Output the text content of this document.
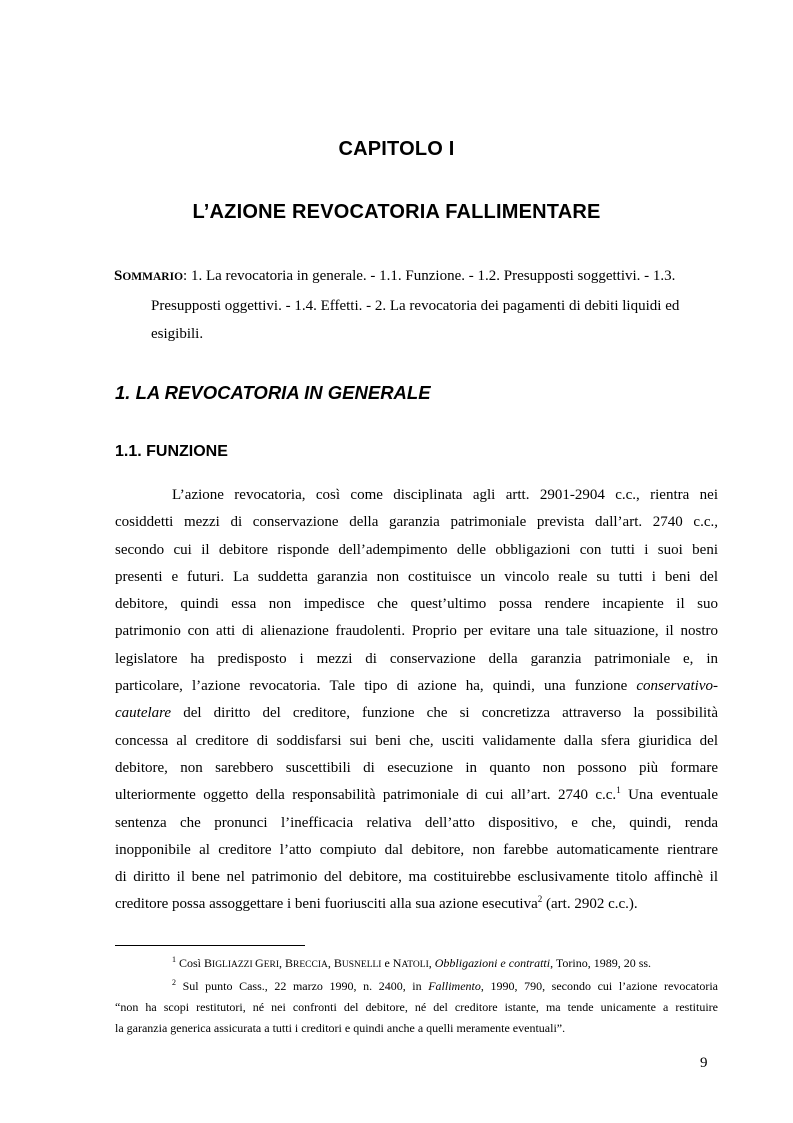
CAPITOLO I
L’AZIONE REVOCATORIA FALLIMENTARE
SOMMARIO: 1. La revocatoria in generale. - 1.1. Funzione. - 1.2. Presupposti soggettivi. - 1.3.
Presupposti oggettivi. - 1.4. Effetti. - 2. La revocatoria dei pagamenti di debiti liquidi ed
esigibili.
1. LA REVOCATORIA IN GENERALE
1.1. FUNZIONE
L’azione revocatoria, così come disciplinata agli artt. 2901-2904 c.c., rientra nei
cosiddetti mezzi di conservazione della garanzia patrimoniale prevista dall’art. 2740 c.c.,
secondo cui il debitore risponde dell’adempimento delle obbligazioni con tutti i suoi beni
presenti e futuri. La suddetta garanzia non costituisce un vincolo reale su tutti i beni del
debitore, quindi essa non impedisce che quest’ultimo possa rendere incapiente il suo
patrimonio con atti di alienazione fraudolenti. Proprio per evitare una tale situazione, il nostro
legislatore ha predisposto i mezzi di conservazione della garanzia patrimoniale e, in
particolare, l’azione revocatoria. Tale tipo di azione ha, quindi, una funzione conservativo-
cautelare del diritto del creditore, funzione che si concretizza attraverso la possibilità
concessa al creditore di soddisfarsi sui beni che, usciti validamente dalla sfera giuridica del
debitore, non sarebbero suscettibili di esecuzione in quanto non possono più formare
ulteriormente oggetto della responsabilità patrimoniale di cui all’art. 2740 c.c.$^1$ Una eventuale
sentenza che pronunci l’inefficacia relativa dell’atto dispositivo, e che, quindi, renda
inopponibile al creditore l’atto compiuto dal debitore, non farebbe automaticamente rientrare
di diritto il bene nel patrimonio del debitore, ma costituirebbe esclusivamente titolo affinchè il
creditore possa assoggettare i beni fuoriusciti alla sua azione esecutiva$^2$ (art. 2902 c.c.).
$^1$ Così BIGLIAZZI GERI, BRECCIA, BUSNELLI e NATOLI, Obbligazioni e contratti, Torino, 1989, 20 ss.
$^2$ Sul punto Cass., 22 marzo 1990, n. 2400, in Fallimento, 1990, 790, secondo cui l’azione revocatoria
“non ha scopi restitutori, né nei confronti del debitore, né del creditore istante, ma tende unicamente a restituire
la garanzia generica assicurata a tutti i creditori e quindi anche a quelli meramente eventuali”.
9
